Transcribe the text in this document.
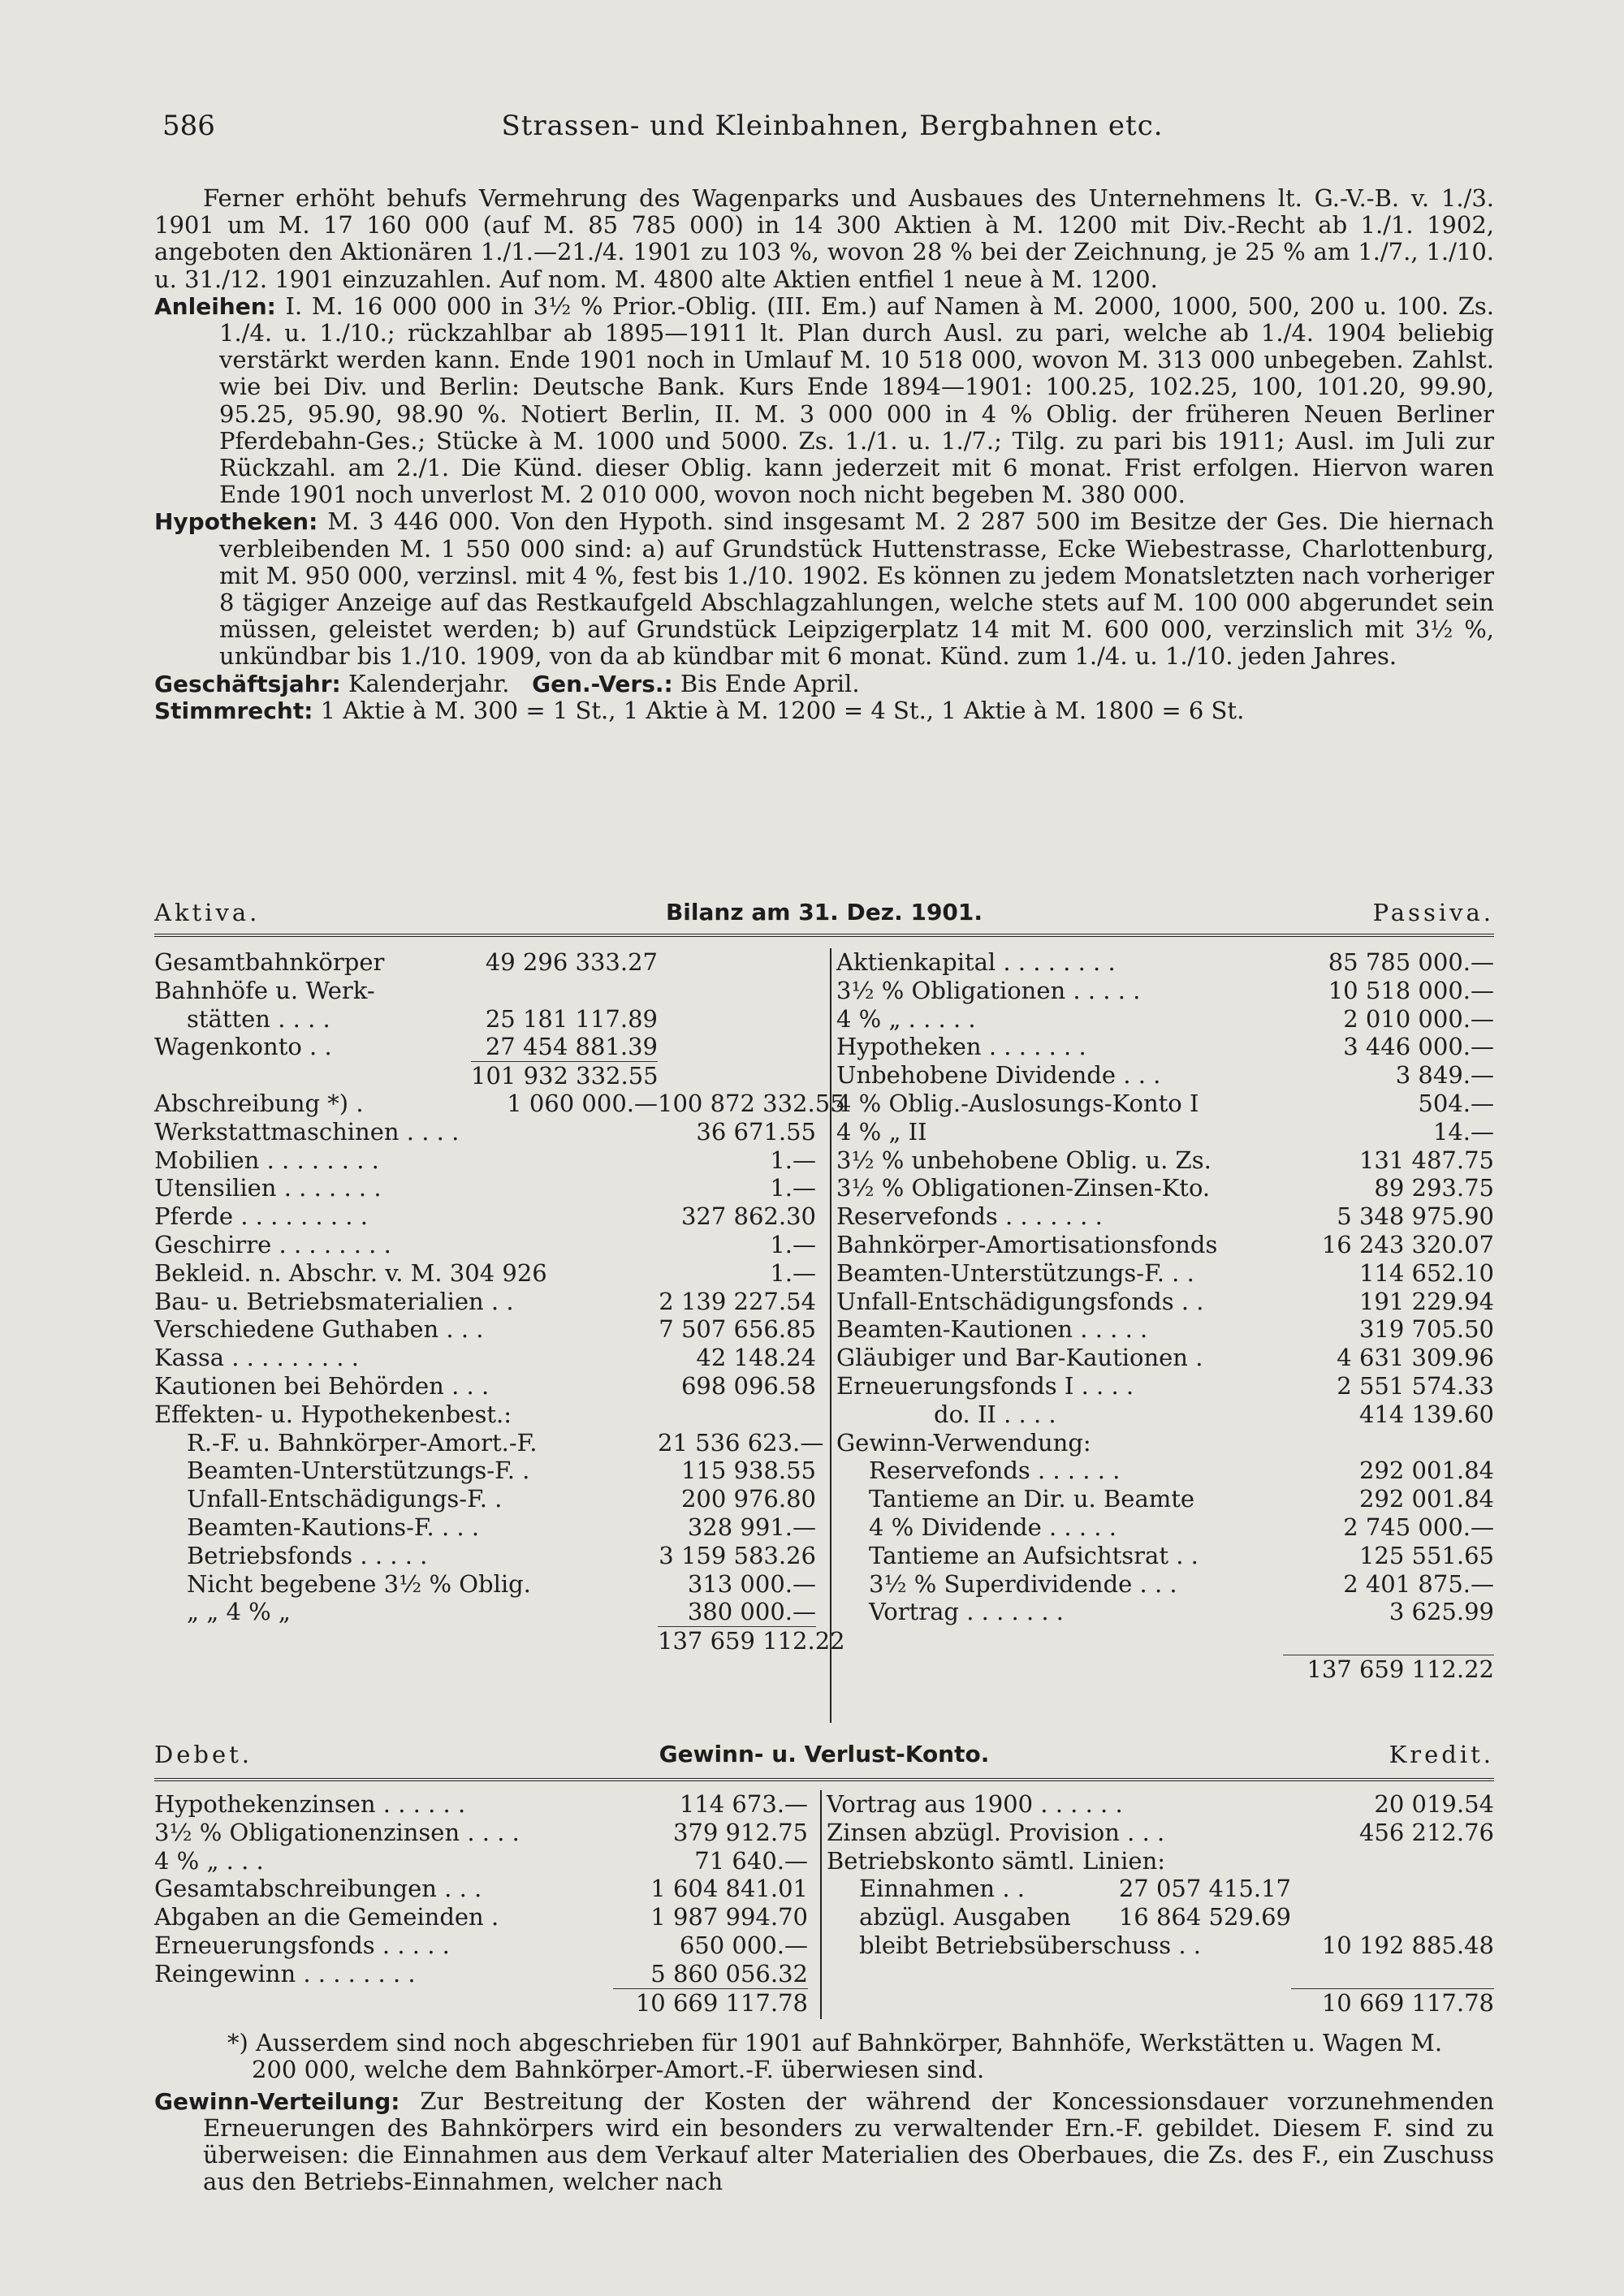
586	Strassen- und Kleinbahnen, Bergbahnen etc.

Ferner erhöht behufs Vermehrung des Wagenparks und Ausbaues des Unternehmens lt. G.-V.-B. v. 1./3. 1901 um M. 17 160 000 (auf M. 85 785 000) in 14 300 Aktien à M. 1200 mit Div.-Recht ab 1./1. 1902, angeboten den Aktionären 1./1.—21./4. 1901 zu 103 %, wovon 28 % bei der Zeichnung, je 25 % am 1./7., 1./10. u. 31./12. 1901 einzuzahlen. Auf nom. M. 4800 alte Aktien entfiel 1 neue à M. 1200.

Anleihen: I. M. 16 000 000 in 3½ % Prior.-Oblig. (III. Em.) auf Namen à M. 2000, 1000, 500, 200 u. 100. Zs. 1./4. u. 1./10.; rückzahlbar ab 1895—1911 lt. Plan durch Ausl. zu pari, welche ab 1./4. 1904 beliebig verstärkt werden kann. Ende 1901 noch in Umlauf M. 10 518 000, wovon M. 313 000 unbegeben. Zahlst. wie bei Div. und Berlin: Deutsche Bank. Kurs Ende 1894—1901: 100.25, 102.25, 100, 101.20, 99.90, 95.25, 95.90, 98.90 %. Notiert Berlin, II. M. 3 000 000 in 4 % Oblig. der früheren Neuen Berliner Pferdebahn-Ges.; Stücke à M. 1000 und 5000. Zs. 1./1. u. 1./7.; Tilg. zu pari bis 1911; Ausl. im Juli zur Rückzahl. am 2./1. Die Künd. dieser Oblig. kann jederzeit mit 6 monat. Frist erfolgen. Hiervon waren Ende 1901 noch unverlost M. 2 010 000, wovon noch nicht begeben M. 380 000.

Hypotheken: M. 3 446 000. Von den Hypoth. sind insgesamt M. 2 287 500 im Besitze der Ges. Die hiernach verbleibenden M. 1 550 000 sind: a) auf Grundstück Huttenstrasse, Ecke Wiebestrasse, Charlottenburg, mit M. 950 000, verzinsl. mit 4 %, fest bis 1./10. 1902. Es können zu jedem Monatsletzten nach vorheriger 8 tägiger Anzeige auf das Restkaufgeld Abschlagzahlungen, welche stets auf M. 100 000 abgerundet sein müssen, geleistet werden; b) auf Grundstück Leipzigerplatz 14 mit M. 600 000, verzinslich mit 3½ %, unkündbar bis 1./10. 1909, von da ab kündbar mit 6 monat. Künd. zum 1./4. u. 1./10. jeden Jahres.

Geschäftsjahr: Kalenderjahr. Gen.-Vers.: Bis Ende April.

Stimmrecht: 1 Aktie à M. 300 = 1 St., 1 Aktie à M. 1200 = 4 St., 1 Aktie à M. 1800 = 6 St.

Aktiva.	Bilanz am 31. Dez. 1901.	Passiva.
Gesamtbahnkörper	49 296 333.27
Bahnhöfe u. Werk-
stätten . . . .	25 181 117.89
Wagenkonto . .	27 454 881.39
101 932 332.55
Abschreibung *) .	1 060 000.— 100 872 332.55
Werkstattmaschinen . . . .	36 671.55
Mobilien . . . . . . . .	1.—
Utensilien . . . . . . .	1.—
Pferde . . . . . . . . .	327 862.30
Geschirre . . . . . . . .	1.—
Bekleid. n. Abschr. v. M. 304 926	1.—
Bau- u. Betriebsmaterialien . .	2 139 227.54
Verschiedene Guthaben . . .	7 507 656.85
Kassa . . . . . . . . .	42 148.24
Kautionen bei Behörden . . .	698 096.58
Effekten- u. Hypothekenbest.:
R.-F. u. Bahnkörper-Amort.-F.	21 536 623.—
Beamten-Unterstützungs-F. .	115 938.55
Unfall-Entschädigungs-F. .	200 976.80
Beamten-Kautions-F. . . .	328 991.—
Betriebsfonds . . . . .	3 159 583.26
Nicht begebene 3½ % Oblig.	313 000.—
„ „ 4 % „	380 000.—
137 659 112.22
Aktienkapital . . . . . . . .	85 785 000.—
3½ % Obligationen . . . . .	10 518 000.—
4 % „ . . . . .	2 010 000.—
Hypotheken . . . . . . .	3 446 000.—
Unbehobene Dividende . . .	3 849.—
4 % Oblig.-Auslosungs-Konto I	504.—
4 % „ II	14.—
3½ % unbehobene Oblig. u. Zs.	131 487.75
3½ % Obligationen-Zinsen-Kto.	89 293.75
Reservefonds . . . . . . .	5 348 975.90
Bahnkörper-Amortisationsfonds	16 243 320.07
Beamten-Unterstützungs-F. . .	114 652.10
Unfall-Entschädigungsfonds . .	191 229.94
Beamten-Kautionen . . . . .	319 705.50
Gläubiger und Bar-Kautionen .	4 631 309.96
Erneuerungsfonds I . . . .	2 551 574.33
do. II . . . .	414 139.60
Gewinn-Verwendung:
Reservefonds . . . . . .	292 001.84
Tantieme an Dir. u. Beamte	292 001.84
4 % Dividende . . . . .	2 745 000.—
Tantieme an Aufsichtsrat . .	125 551.65
3½ % Superdividende . . .	2 401 875.—
Vortrag . . . . . . .	3 625.99
137 659 112.22
Debet.	Gewinn- u. Verlust-Konto.	Kredit.
Hypothekenzinsen . . . . . .	114 673.—
3½ % Obligationenzinsen . . . .	379 912.75
4 % „ . . .	71 640.—
Gesamtabschreibungen . . .	1 604 841.01
Abgaben an die Gemeinden .	1 987 994.70
Erneuerungsfonds . . . . .	650 000.—
Reingewinn . . . . . . . .	5 860 056.32
10 669 117.78
Vortrag aus 1900 . . . . . .	20 019.54
Zinsen abzügl. Provision . . .	456 212.76
Betriebskonto sämtl. Linien:
Einnahmen . .	27 057 415.17
abzügl. Ausgaben	16 864 529.69
bleibt Betriebsüberschuss . .	10 192 885.48
10 669 117.78

*) Ausserdem sind noch abgeschrieben für 1901 auf Bahnkörper, Bahnhöfe, Werkstätten u. Wagen M. 200 000, welche dem Bahnkörper-Amort.-F. überwiesen sind.

Gewinn-Verteilung: Zur Bestreitung der Kosten der während der Koncessionsdauer vorzunehmenden Erneuerungen des Bahnkörpers wird ein besonders zu verwaltender Ern.-F. gebildet. Diesem F. sind zu überweisen: die Einnahmen aus dem Verkauf alter Materialien des Oberbaues, die Zs. des F., ein Zuschuss aus den Betriebs-Einnahmen, welcher nach
